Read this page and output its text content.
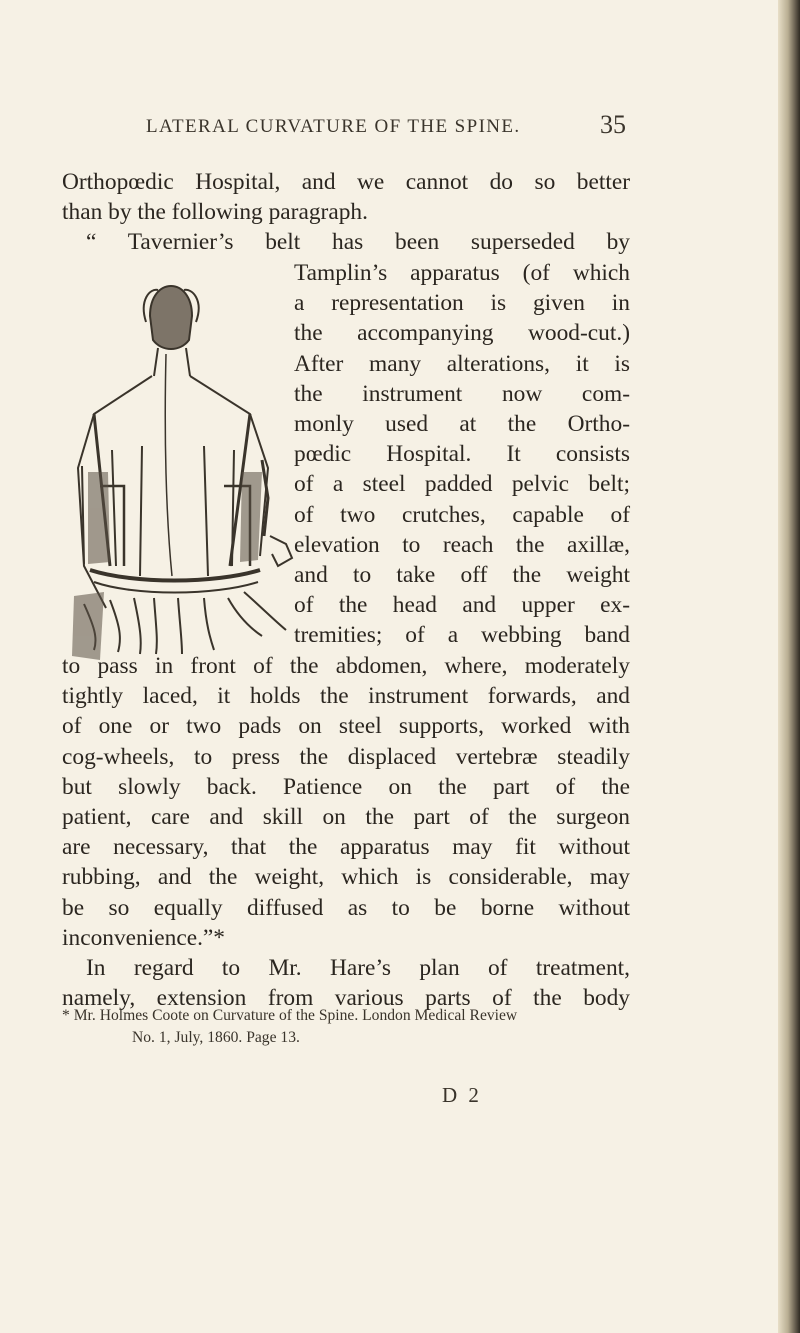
LATERAL CURVATURE OF THE SPINE.	35
Orthopœdic Hospital, and we cannot do so better
than by the following paragraph.
“ Tavernier’s belt has been superseded by
Tamplin’s apparatus (of which
a representation is given in
the accompanying wood-cut.)
After many alterations, it is
the instrument now com-
monly used at the Ortho-
pœdic Hospital. It consists
of a steel padded pelvic belt;
of two crutches, capable of
elevation to reach the axillæ,
and to take off the weight
of the head and upper ex-
tremities; of a webbing band
to pass in front of the abdomen, where, moderately
tightly laced, it holds the instrument forwards, and
of one or two pads on steel supports, worked with
cog-wheels, to press the displaced vertebræ steadily
but slowly back. Patience on the part of the
patient, care and skill on the part of the surgeon
are necessary, that the apparatus may fit without
rubbing, and the weight, which is considerable, may
be so equally diffused as to be borne without
inconvenience.”*
In regard to Mr. Hare’s plan of treatment,
namely, extension from various parts of the body
* Mr. Holmes Coote on Curvature of the Spine. London Medical Review
No. 1, July, 1860. Page 13.
D 2
